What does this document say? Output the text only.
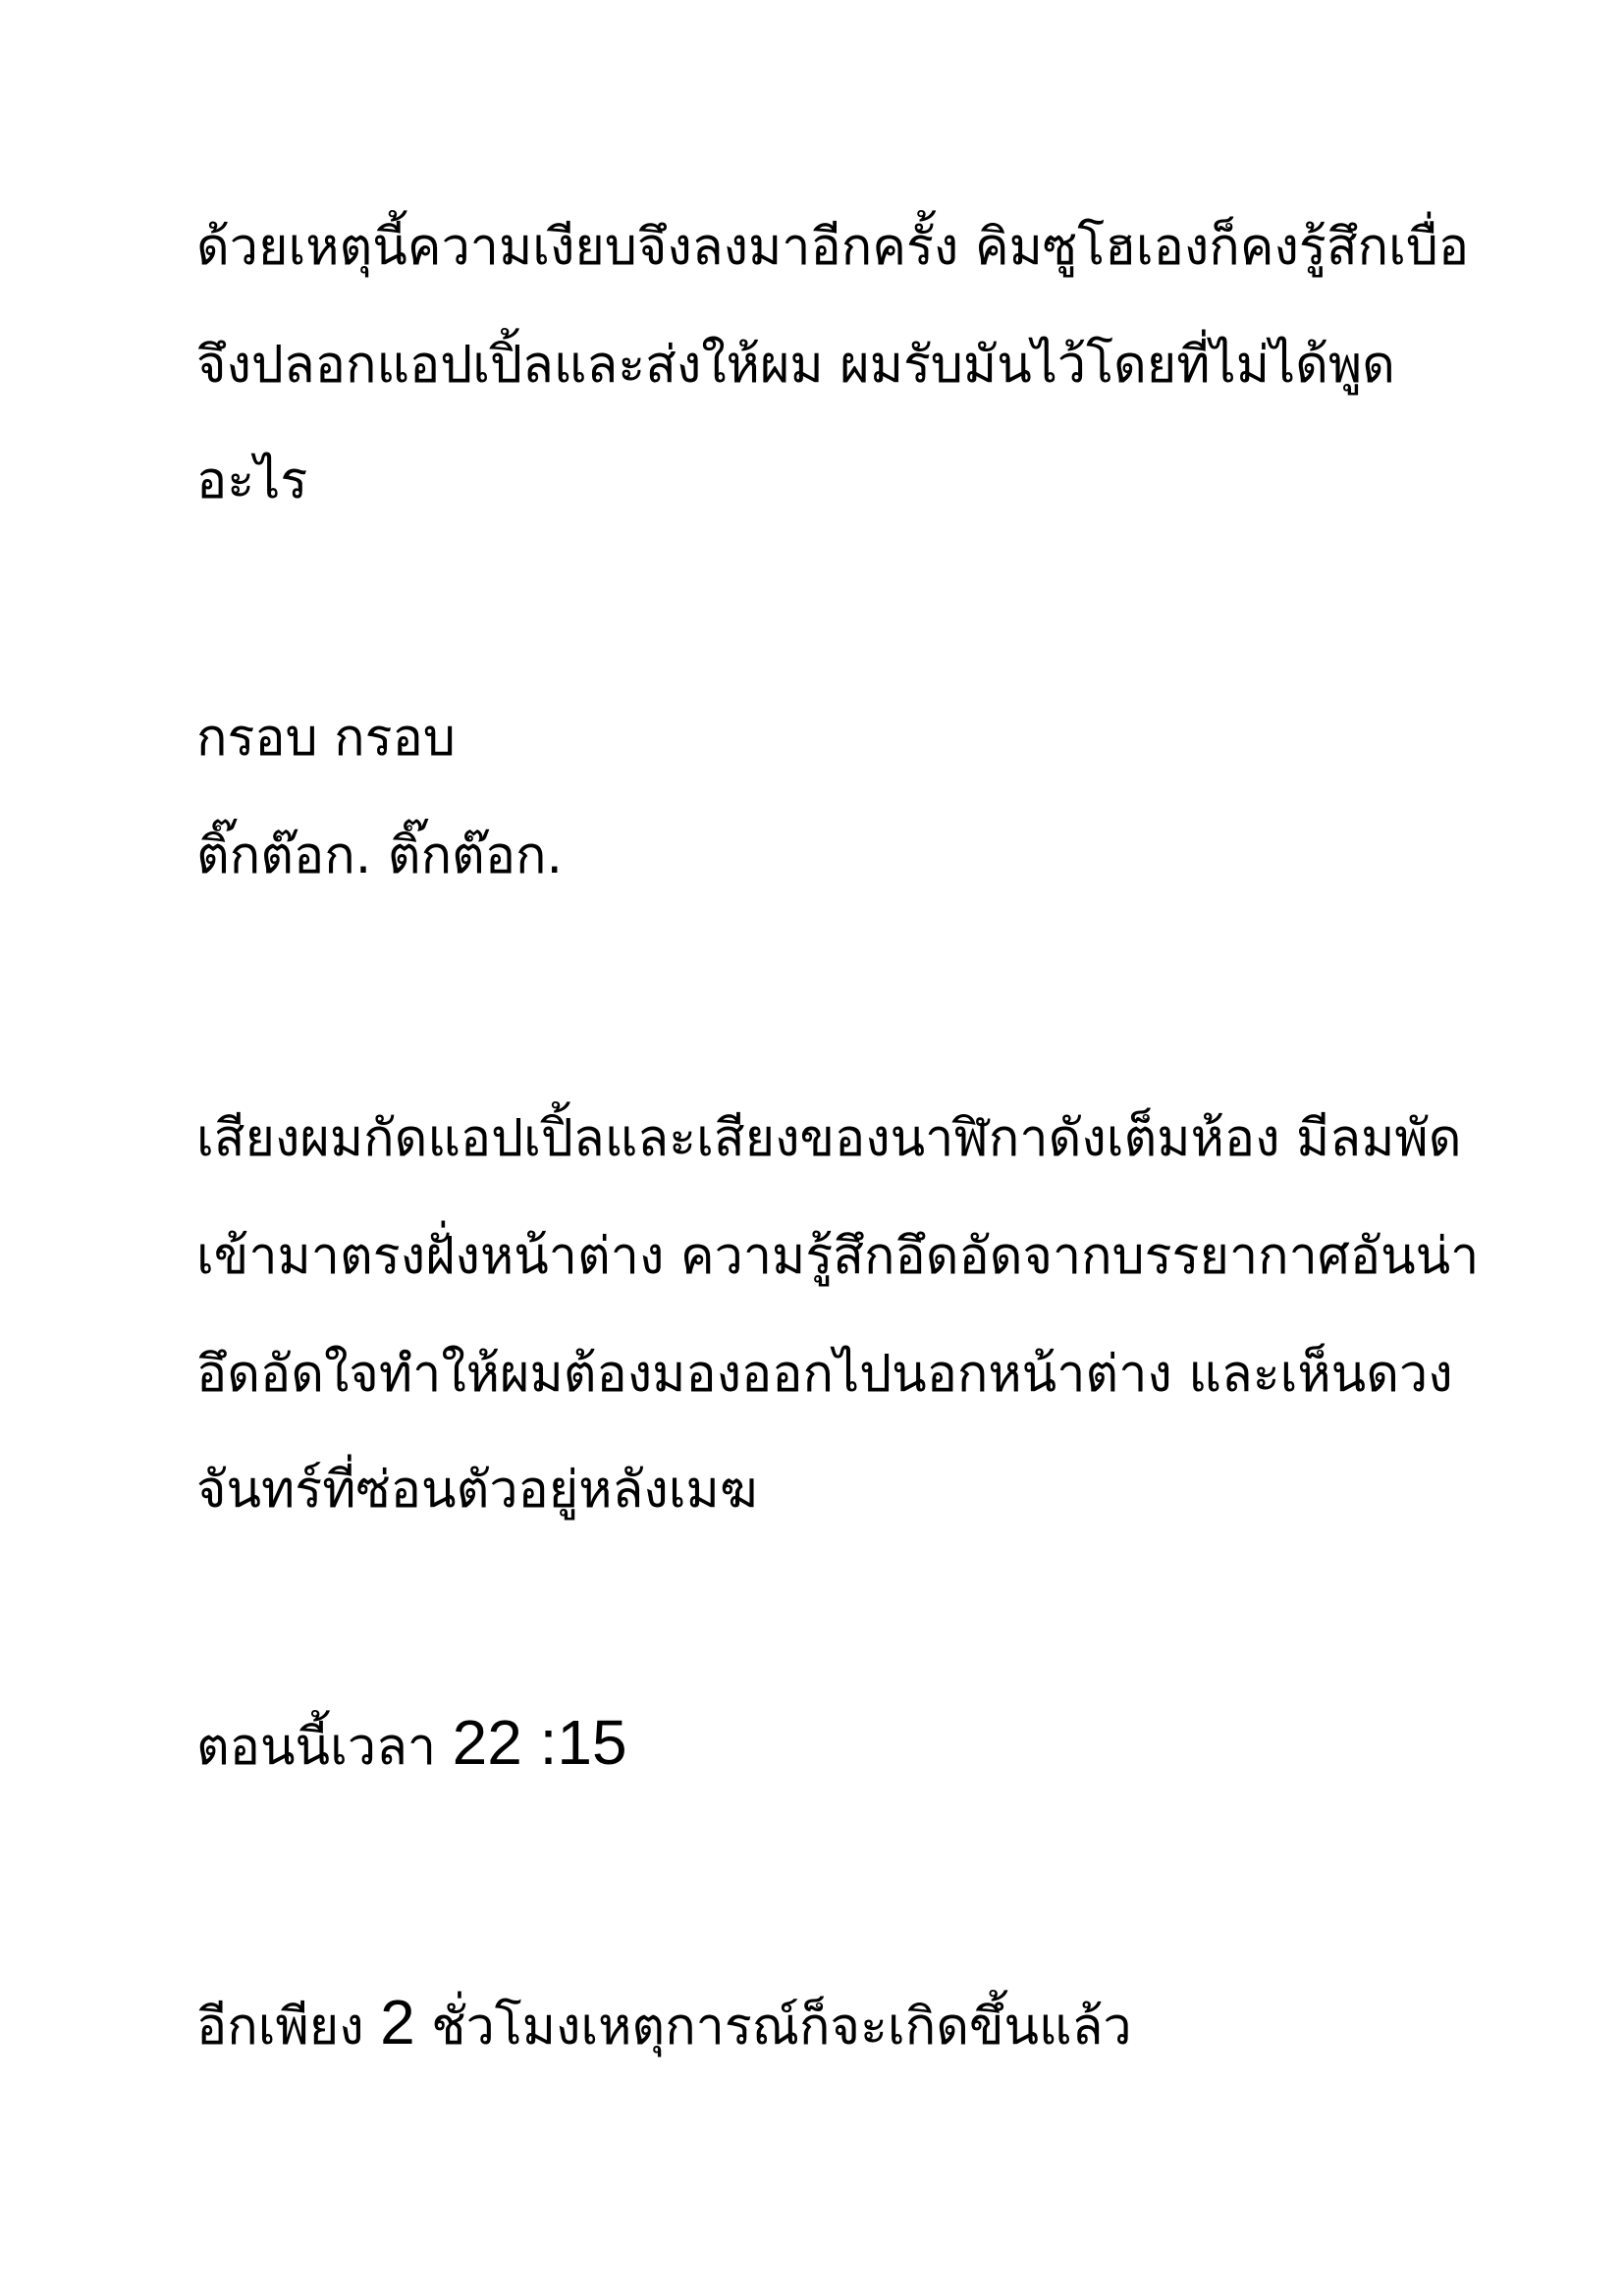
ด้วยเหตุนี้ความเงียบจึงลงมาอีกครั้ง คิมซูโฮเองก็คงรู้สึกเบื่อ

จึงปลอกแอปเปิ้ลและส่งให้ผม ผมรับมันไว้โดยที่ไม่ได้พูด

อะไร

กรอบ กรอบ

ติ๊กต๊อก. ติ๊กต๊อก.

เสียงผมกัดแอปเปิ้ลและเสียงของนาฬิกาดังเต็มห้อง มีลมพัด

เข้ามาตรงฝั่งหน้าต่าง ความรู้สึกอึดอัดจากบรรยากาศอันน่า

อึดอัดใจทำให้ผมต้องมองออกไปนอกหน้าต่าง และเห็นดวง

จันทร์ที่ซ่อนตัวอยู่หลังเมฆ

ตอนนี้เวลา 22 :15

อีกเพียง 2 ชั่วโมงเหตุการณ์ก็จะเกิดขึ้นแล้ว
